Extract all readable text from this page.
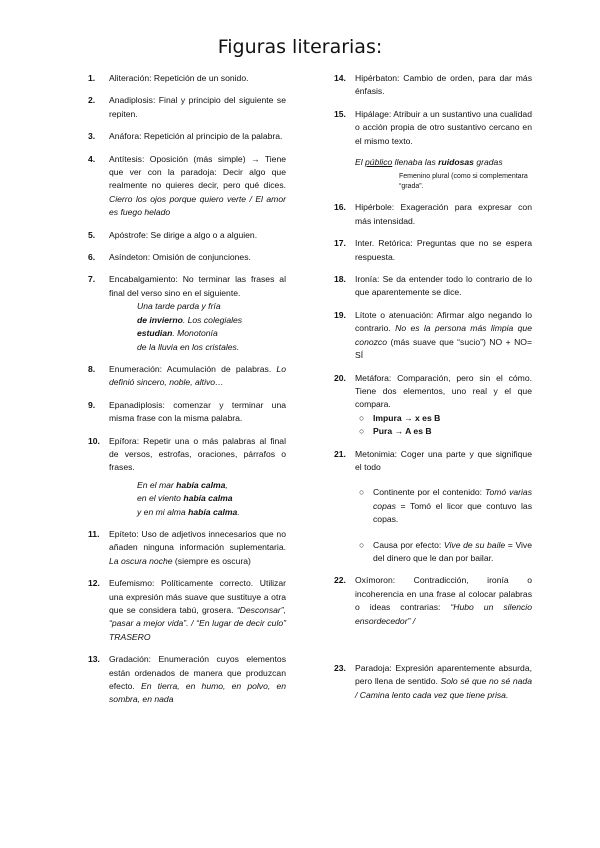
Figuras literarias:
1. Aliteración: Repetición de un sonido.
2. Anadiplosis: Final y principio del siguiente se repiten.
3. Anáfora: Repetición al principio de la palabra.
4. Antítesis: Oposición (más simple) → Tiene que ver con la paradoja: Decir algo que realmente no quieres decir, pero qué dices. Cierro los ojos porque quiero verte / El amor es fuego helado
5. Apóstrofe: Se dirige a algo o a alguien.
6. Asíndeton: Omisión de conjunciones.
7. Encabalgamiento: No terminar las frases al final del verso sino en el siguiente.
Una tarde parda y fría
de invierno. Los colegiales
estudian. Monotonía
de la lluvia en los cristales.
8. Enumeración: Acumulación de palabras. Lo definió sincero, noble, altivo…
9. Epanadiplosis: comenzar y terminar una misma frase con la misma palabra.
10. Epífora: Repetir una o más palabras al final de versos, estrofas, oraciones, párrafos o frases.
En el mar había calma,
en el viento había calma
y en mi alma había calma.
11. Epíteto: Uso de adjetivos innecesarios que no añaden ninguna información suplementaria. La oscura noche (siempre es oscura)
12. Eufemismo: Políticamente correcto. Utilizar una expresión más suave que sustituye a otra que se considera tabú, grosera. “Desconsar”, “pasar a mejor vida”. / “En lugar de decir culo” TRASERO
13. Gradación: Enumeración cuyos elementos están ordenados de manera que produzcan efecto. En tierra, en humo, en polvo, en sombra, en nada
14. Hipérbaton: Cambio de orden, para dar más énfasis.
15. Hipálage: Atribuir a un sustantivo una cualidad o acción propia de otro sustantivo cercano en el mismo texto.
El público llenaba las ruidosas gradas
Femenino plural (como si complementara “grada”.
16. Hipérbole: Exageración para expresar con más intensidad.
17. Inter. Retórica: Preguntas que no se espera respuesta.
18. Ironía: Se da entender todo lo contrario de lo que aparentemente se dice.
19. Lítote o atenuación: Afirmar algo negando lo contrario. No es la persona más limpia que conozco (más suave que “sucio”) NO + NO= SÍ
20. Metáfora: Comparación, pero sin el cómo. Tiene dos elementos, uno real y el que compara.
○ Impura → x es B
○ Pura → A es B
21. Metonimia: Coger una parte y que signifique el todo
○ Continente por el contenido: Tomó varias copas = Tomó el licor que contuvo las copas.
○ Causa por efecto: Vive de su baile = Vive del dinero que le dan por bailar.
22. Oxímoron: Contradicción, ironía o incoherencia en una frase al colocar palabras o ideas contrarias: “Hubo un silencio ensordecedor” /
23. Paradoja: Expresión aparentemente absurda, pero llena de sentido. Solo sé que no sé nada / Camina lento cada vez que tiene prisa.
